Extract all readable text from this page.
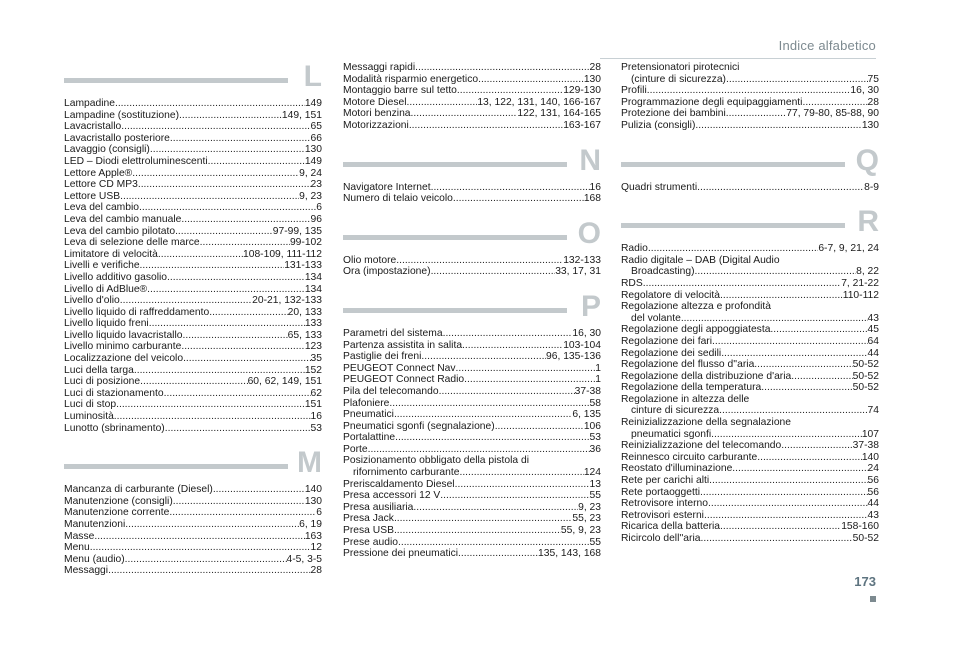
Indice alfabetico
L
Lampadine .....	149
Lampadine (sostituzione) .....	149, 151
Lavacristallo .....	65
Lavacristallo posteriore .....	66
Lavaggio (consigli) .....	130
LED – Diodi elettroluminescenti .....	149
Lettore Apple® .....	9, 24
Lettore CD MP3 .....	23
Lettore USB .....	9, 23
Leva del cambio .....	6
Leva del cambio manuale .....	96
Leva del cambio pilotato .....	97-99, 135
Leva di selezione delle marce .....	99-102
Limitatore di velocità .....	108-109, 111-112
Livelli e verifiche .....	131-133
Livello additivo gasolio .....	134
Livello di AdBlue® .....	134
Livello d'olio .....	20-21, 132-133
Livello liquido di raffreddamento .....	20, 133
Livello liquido freni .....	133
Livello liquido lavacristallo .....	65, 133
Livello minimo carburante .....	123
Localizzazione del veicolo .....	35
Luci della targa .....	152
Luci di posizione .....	60, 62, 149, 151
Luci di stazionamento .....	62
Luci di stop .....	151
Luminosità .....	16
Lunotto (sbrinamento) .....	53
M
Mancanza di carburante (Diesel) .....	140
Manutenzione (consigli) .....	130
Manutenzione corrente .....	6
Manutenzioni .....	6, 19
Masse .....	163
Menu .....	12
Menu (audio) .....	4-5, 3-5
Messaggi .....	28
Messaggi rapidi .....	28
Modalità risparmio energetico .....	130
Montaggio barre sul tetto .....	129-130
Motore Diesel .....	13, 122, 131, 140, 166-167
Motori benzina .....	122, 131, 164-165
Motorizzazioni .....	163-167
N
Navigatore Internet .....	16
Numero di telaio veicolo .....	168
O
Olio motore .....	132-133
Ora (impostazione) .....	33, 17, 31
P
Parametri del sistema .....	16, 30
Partenza assistita in salita .....	103-104
Pastiglie dei freni .....	96, 135-136
PEUGEOT Connect Nav .....	1
PEUGEOT Connect Radio .....	1
Pila del telecomando .....	37-38
Plafoniere .....	58
Pneumatici .....	6, 135
Pneumatici sgonfi (segnalazione) .....	106
Portalattine .....	53
Porte .....	36
Posizionamento obbligato della pistola di
rifornimento carburante .....	124
Preriscaldamento Diesel .....	13
Presa accessori 12 V .....	55
Presa ausiliaria .....	9, 23
Presa Jack .....	55, 23
Presa USB .....	55, 9, 23
Prese audio .....	55
Pressione dei pneumatici .....	135, 143, 168
Pretensionatori pirotecnici
(cinture di sicurezza) .....	75
Profili .....	16, 30
Programmazione degli equipaggiamenti .....	28
Protezione dei bambini .....	77, 79-80, 85-88, 90
Pulizia (consigli) .....	130
Q
Quadri strumenti .....	8-9
R
Radio .....	6-7, 9, 21, 24
Radio digitale – DAB (Digital Audio
Broadcasting) .....	8, 22
RDS .....	7, 21-22
Regolatore di velocità .....	110-112
Regolazione altezza e profondità
del volante .....	43
Regolazione degli appoggiatesta .....	45
Regolazione dei fari .....	64
Regolazione dei sedili .....	44
Regolazione del flusso d''aria .....	50-52
Regolazione della distribuzione d'aria .....	50-52
Regolazione della temperatura .....	50-52
Regolazione in altezza delle
cinture di sicurezza .....	74
Reinizializzazione della segnalazione
pneumatici sgonfi .....	107
Reinizializzazione del telecomando .....	37-38
Reinnesco circuito carburante .....	140
Reostato d'illuminazione .....	24
Rete per carichi alti .....	56
Rete portaoggetti .....	56
Retrovisore interno .....	44
Retrovisori esterni .....	43
Ricarica della batteria .....	158-160
Ricircolo dell''aria .....	50-52
173
